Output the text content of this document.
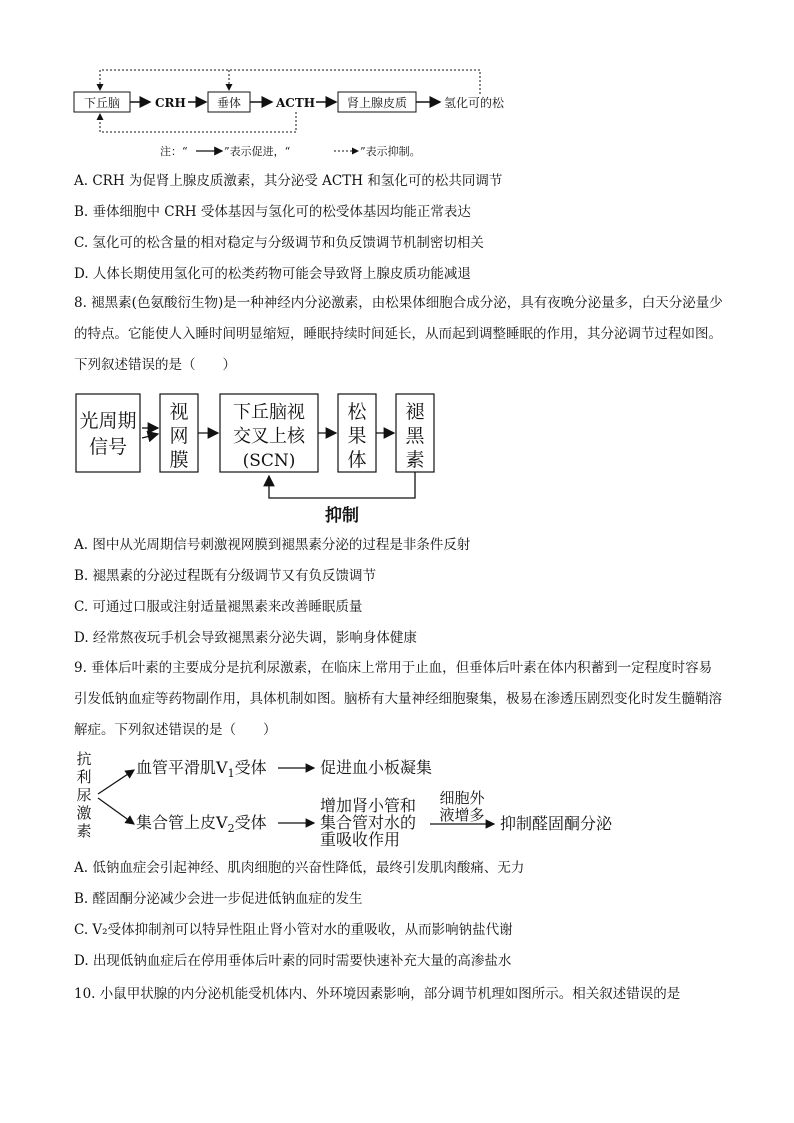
下丘脑	CRH	垂体	ACTH	肾上腺皮质	氢化可的松
注：“	”表示促进，“	”表示抑制。
A. CRH 为促肾上腺皮质激素，其分泌受 ACTH 和氢化可的松共同调节
B. 垂体细胞中 CRH 受体基因与氢化可的松受体基因均能正常表达
C. 氢化可的松含量的相对稳定与分级调节和负反馈调节机制密切相关
D. 人体长期使用氢化可的松类药物可能会导致肾上腺皮质功能减退
8. 褪黑素(色氨酸衍生物)是一种神经内分泌激素，由松果体细胞合成分泌，具有夜晚分泌量多，白天分泌量少的特点。它能使人入睡时间明显缩短，睡眠持续时间延长，从而起到调整睡眠的作用，其分泌调节过程如图。下列叙述错误的是（　　）
光周期
信号
视
网
膜
下丘脑视
交叉上核
(SCN)
松
果
体
褪
黑
素
抑制
A. 图中从光周期信号刺激视网膜到褪黑素分泌的过程是非条件反射
B. 褪黑素的分泌过程既有分级调节又有负反馈调节
C. 可通过口服或注射适量褪黑素来改善睡眠质量
D. 经常熬夜玩手机会导致褪黑素分泌失调，影响身体健康
9. 垂体后叶素的主要成分是抗利尿激素，在临床上常用于止血，但垂体后叶素在体内积蓄到一定程度时容易引发低钠血症等药物副作用，具体机制如图。脑桥有大量神经细胞聚集，极易在渗透压剧烈变化时发生髓鞘溶解症。下列叙述错误的是（　　）
抗
利
尿
激
素
血管平滑肌$V_1$受体	促进血小板凝集
集合管上皮$V_2$受体
增加肾小管和
集合管对水的
重吸收作用
细胞外
液增多 抑制醛固酮分泌
A. 低钠血症会引起神经、肌肉细胞的兴奋性降低，最终引发肌肉酸痛、无力
B. 醛固酮分泌减少会进一步促进低钠血症的发生
C. V₂受体抑制剂可以特异性阻止肾小管对水的重吸收，从而影响钠盐代谢
D. 出现低钠血症后在停用垂体后叶素的同时需要快速补充大量的高渗盐水
10. 小鼠甲状腺的内分泌机能受机体内、外环境因素影响，部分调节机理如图所示。相关叙述错误的是
